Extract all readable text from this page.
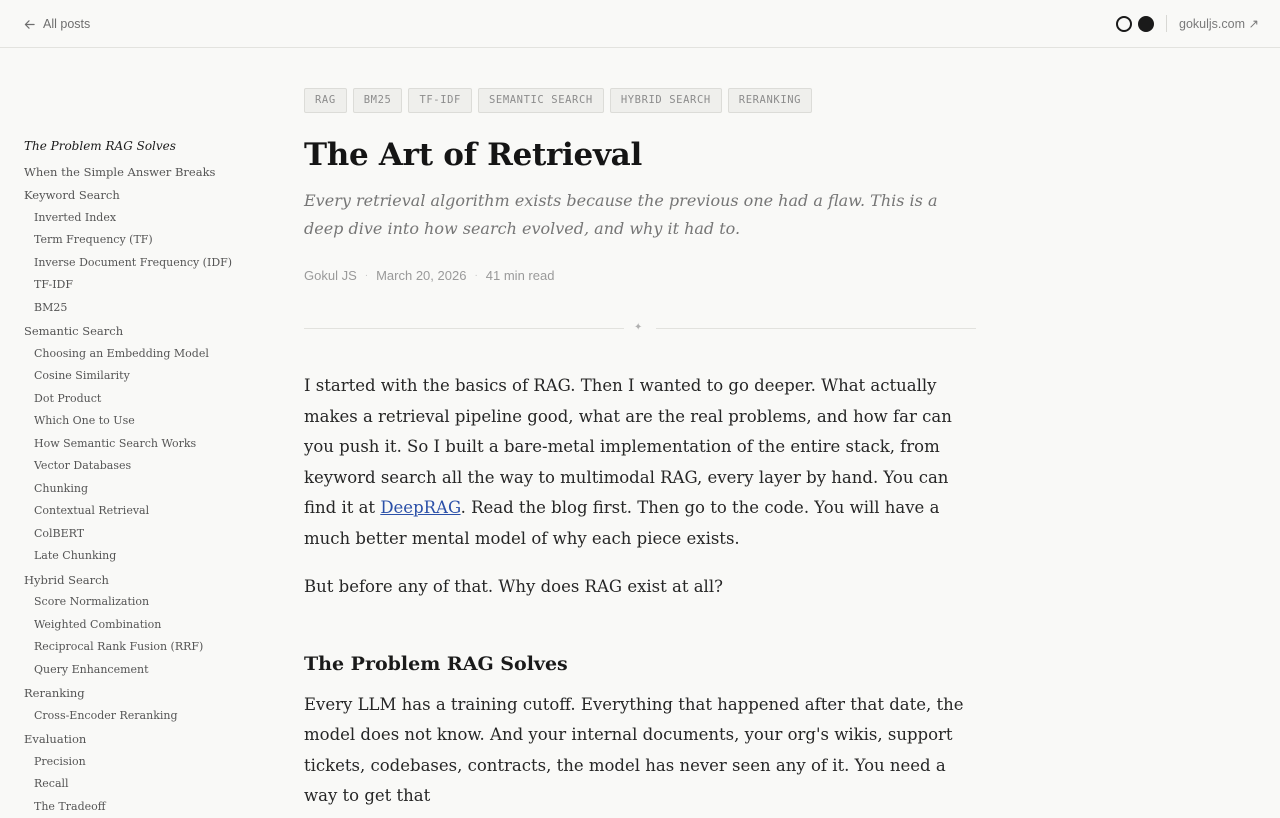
All posts	gokuljs.com ↗
The Problem RAG Solves
When the Simple Answer Breaks
Keyword Search
Inverted Index
Term Frequency (TF)
Inverse Document Frequency (IDF)
TF-IDF
BM25
Semantic Search
Choosing an Embedding Model
Cosine Similarity
Dot Product
Which One to Use
How Semantic Search Works
Vector Databases
Chunking
Contextual Retrieval
ColBERT
Late Chunking
Hybrid Search
Score Normalization
Weighted Combination
Reciprocal Rank Fusion (RRF)
Query Enhancement
Reranking
Cross-Encoder Reranking
Evaluation
Precision
Recall
The Tradeoff
RAG	BM25	TF-IDF	SEMANTIC SEARCH	HYBRID SEARCH	RERANKING
The Art of Retrieval

Every retrieval algorithm exists because the previous one had a flaw. This is a deep dive into how search evolved, and why it had to.

Gokul JS · March 20, 2026 · 41 min read
✦

I started with the basics of RAG. Then I wanted to go deeper. What actually makes a retrieval pipeline good, what are the real problems, and how far can you push it. So I built a bare-metal implementation of the entire stack, from keyword search all the way to multimodal RAG, every layer by hand. You can find it at DeepRAG. Read the blog first. Then go to the code. You will have a much better mental model of why each piece exists.

But before any of that. Why does RAG exist at all?

The Problem RAG Solves

Every LLM has a training cutoff. Everything that happened after that date, the model does not know. And your internal documents, your org's wikis, support tickets, codebases, contracts, the model has never seen any of it. You need a way to get that
